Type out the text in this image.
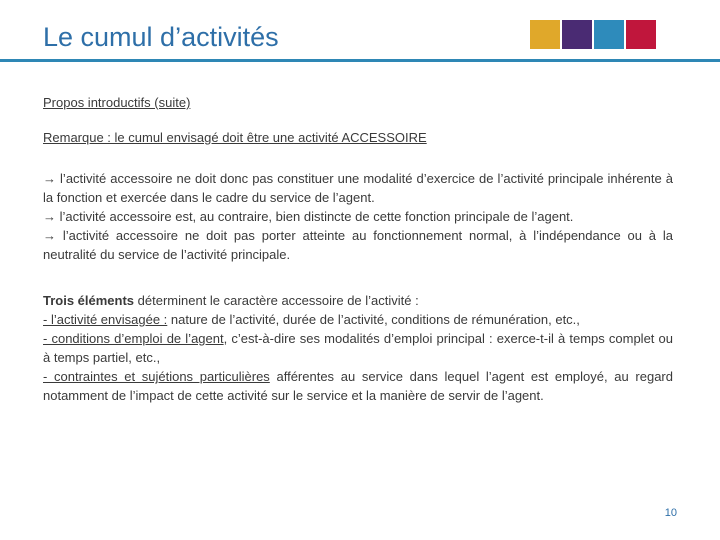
Le cumul d’activités

Propos introductifs (suite)

Remarque : le cumul envisagé doit être une activité ACCESSOIRE

→ l’activité accessoire ne doit donc pas constituer une modalité d’exercice de l’activité principale inhérente à la fonction et exercée dans le cadre du service de l’agent.

→ l’activité accessoire est, au contraire, bien distincte de cette fonction principale de l’agent.

→ l’activité accessoire ne doit pas porter atteinte au fonctionnement normal, à l’indépendance ou à la neutralité du service de l’activité principale.

Trois éléments déterminent le caractère accessoire de l’activité :

- l’activité envisagée : nature de l’activité, durée de l’activité, conditions de rémunération, etc.,

- conditions d’emploi de l’agent, c’est-à-dire ses modalités d’emploi principal : exerce-t-il à temps complet ou à temps partiel, etc.,

- contraintes et sujétions particulières afférentes au service dans lequel l’agent est employé, au regard notamment de l’impact de cette activité sur le service et la manière de servir de l’agent.

10
